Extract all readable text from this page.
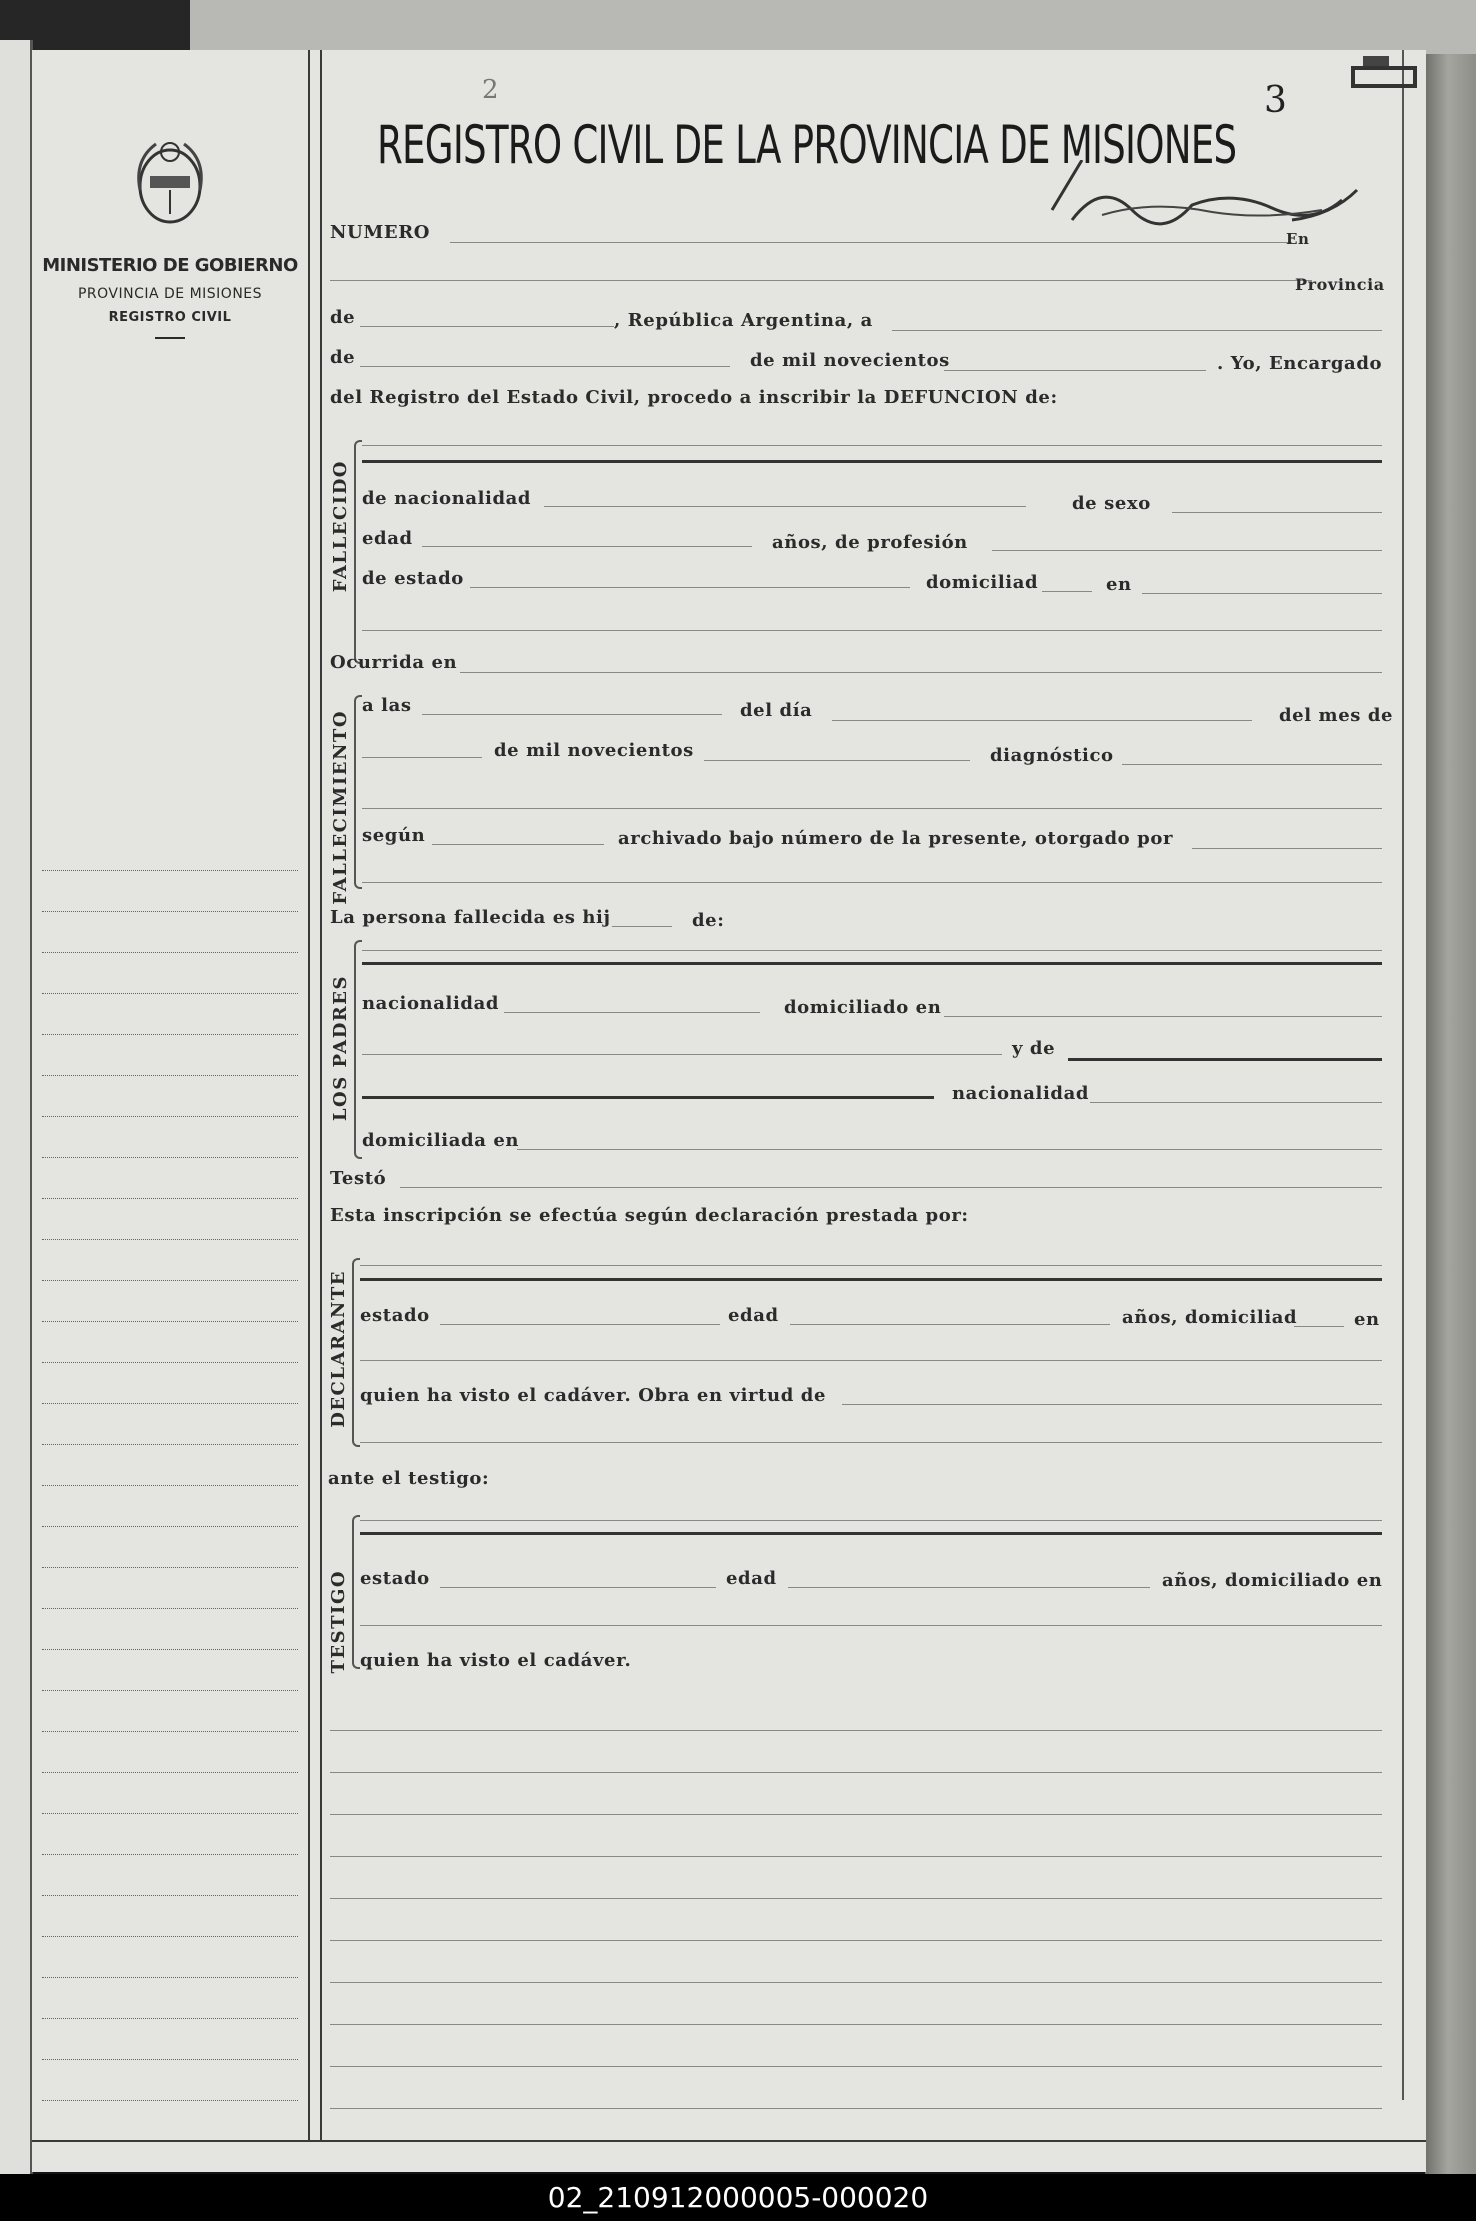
MINISTERIO DE GOBIERNO
PROVINCIA DE MISIONES
REGISTRO CIVIL
2	3
REGISTRO CIVIL DE LA PROVINCIA DE MISIONES
NUMERO	En
Provincia
de	, República Argentina, a
de	de mil novecientos	. Yo, Encargado
del Registro del Estado Civil, procedo a inscribir la DEFUNCION de:
FALLECIDO de nacionalidad	de sexo
edad	años, de profesión
de estado	domiciliad	en
Ocurrida en
FALLECIMIENTO
a las	del día	del mes de
de mil novecientos	diagnóstico
según	archivado bajo número de la presente, otorgado por
La persona fallecida es hij	de:
LOS PADRES nacionalidad	domiciliado en
y de
nacionalidad
domiciliada en
Testó
Esta inscripción se efectúa según declaración prestada por:
DECLARANTE estado	edad	años, domiciliad	en
quien ha visto el cadáver. Obra en virtud de
ante el testigo:
TESTIGO estado	edad	años, domiciliado en
quien ha visto el cadáver.
02_210912000005-000020
